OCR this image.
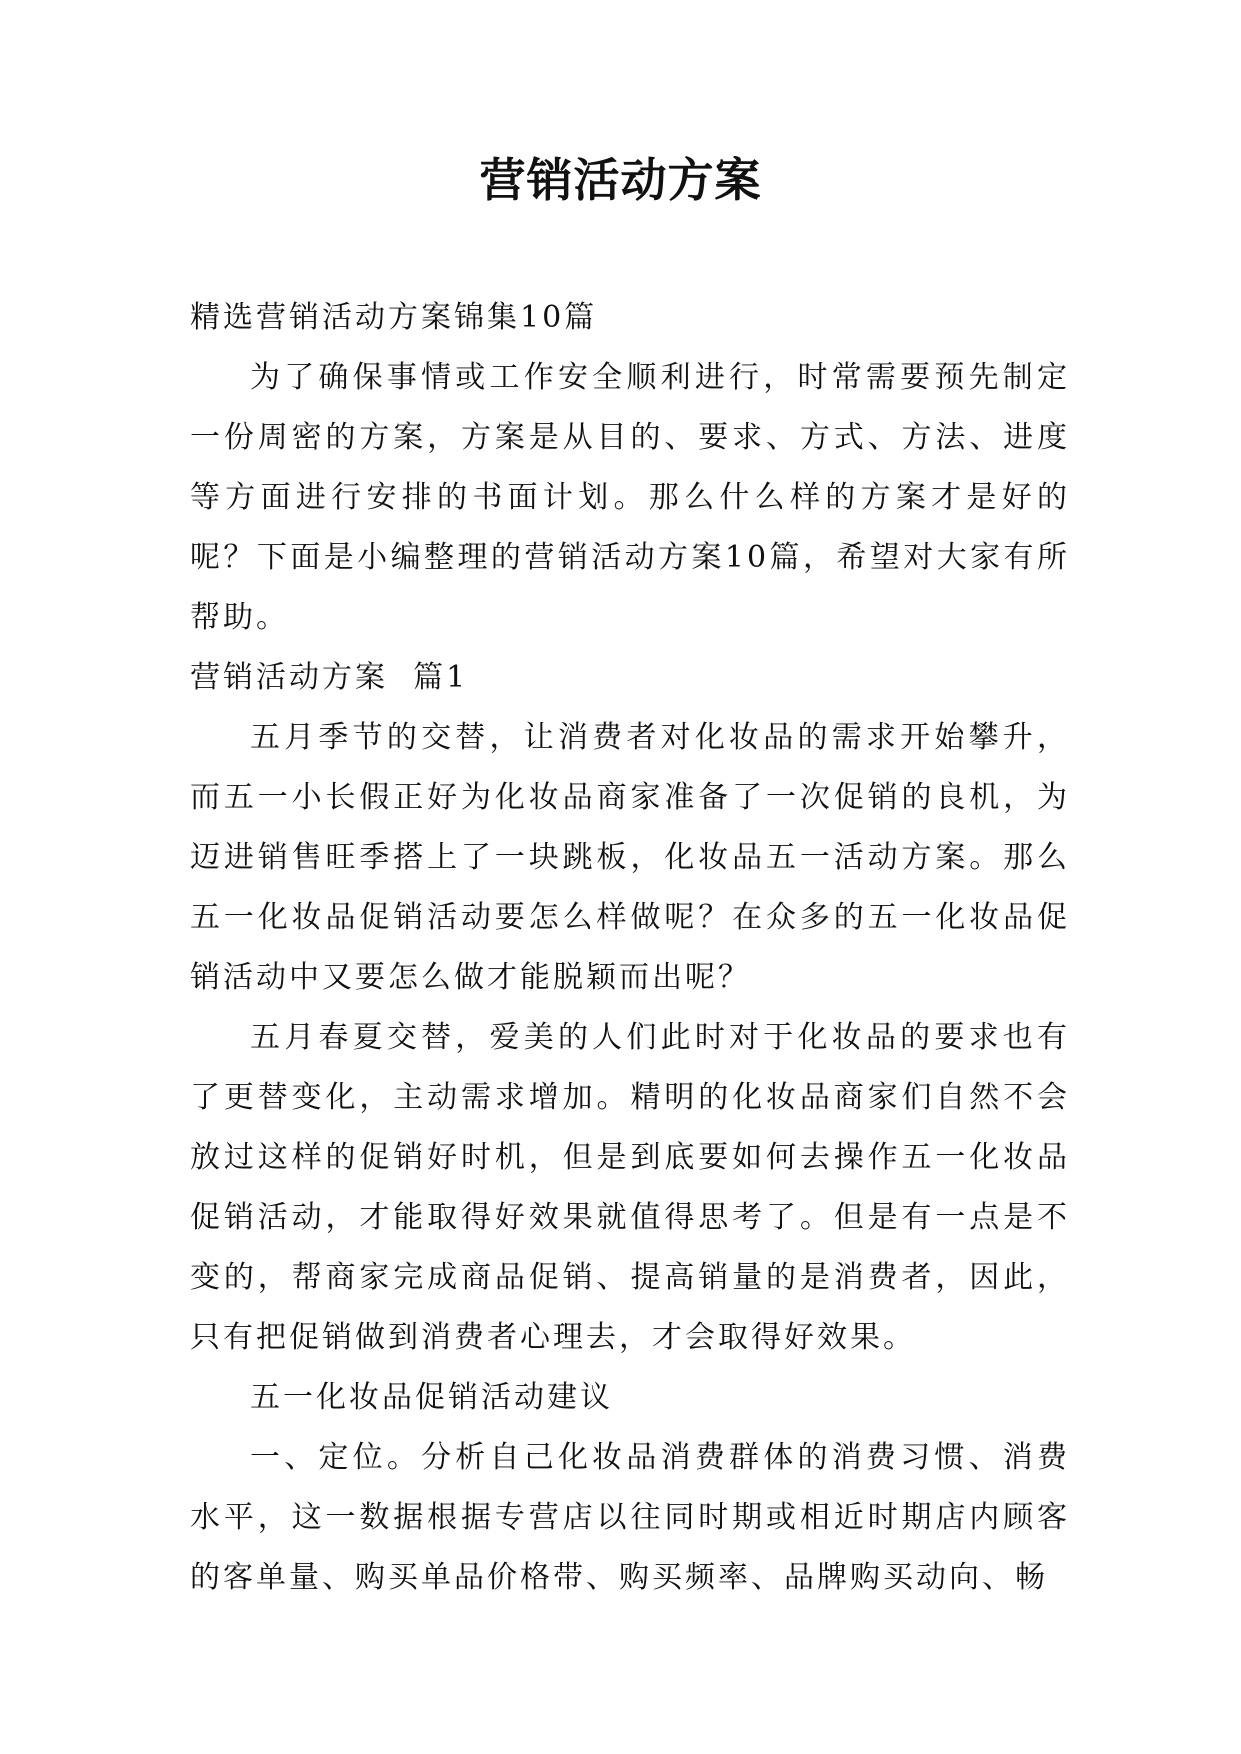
营销活动方案

精选营销活动方案锦集10篇

为了确保事情或工作安全顺利进行，时常需要预先制定一份周密的方案，方案是从目的、要求、方式、方法、进度等方面进行安排的书面计划。那么什么样的方案才是好的呢？下面是小编整理的营销活动方案10篇，希望对大家有所帮助。

营销活动方案  篇1

五月季节的交替，让消费者对化妆品的需求开始攀升，而五一小长假正好为化妆品商家准备了一次促销的良机，为迈进销售旺季搭上了一块跳板，化妆品五一活动方案。那么五一化妆品促销活动要怎么样做呢？在众多的五一化妆品促销活动中又要怎么做才能脱颖而出呢？

五月春夏交替，爱美的人们此时对于化妆品的要求也有了更替变化，主动需求增加。精明的化妆品商家们自然不会放过这样的促销好时机，但是到底要如何去操作五一化妆品促销活动，才能取得好效果就值得思考了。但是有一点是不变的，帮商家完成商品促销、提高销量的是消费者，因此，只有把促销做到消费者心理去，才会取得好效果。

五一化妆品促销活动建议

一、定位。分析自己化妆品消费群体的消费习惯、消费水平，这一数据根据专营店以往同时期或相近时期店内顾客的客单量、购买单品价格带、购买频率、品牌购买动向、畅
